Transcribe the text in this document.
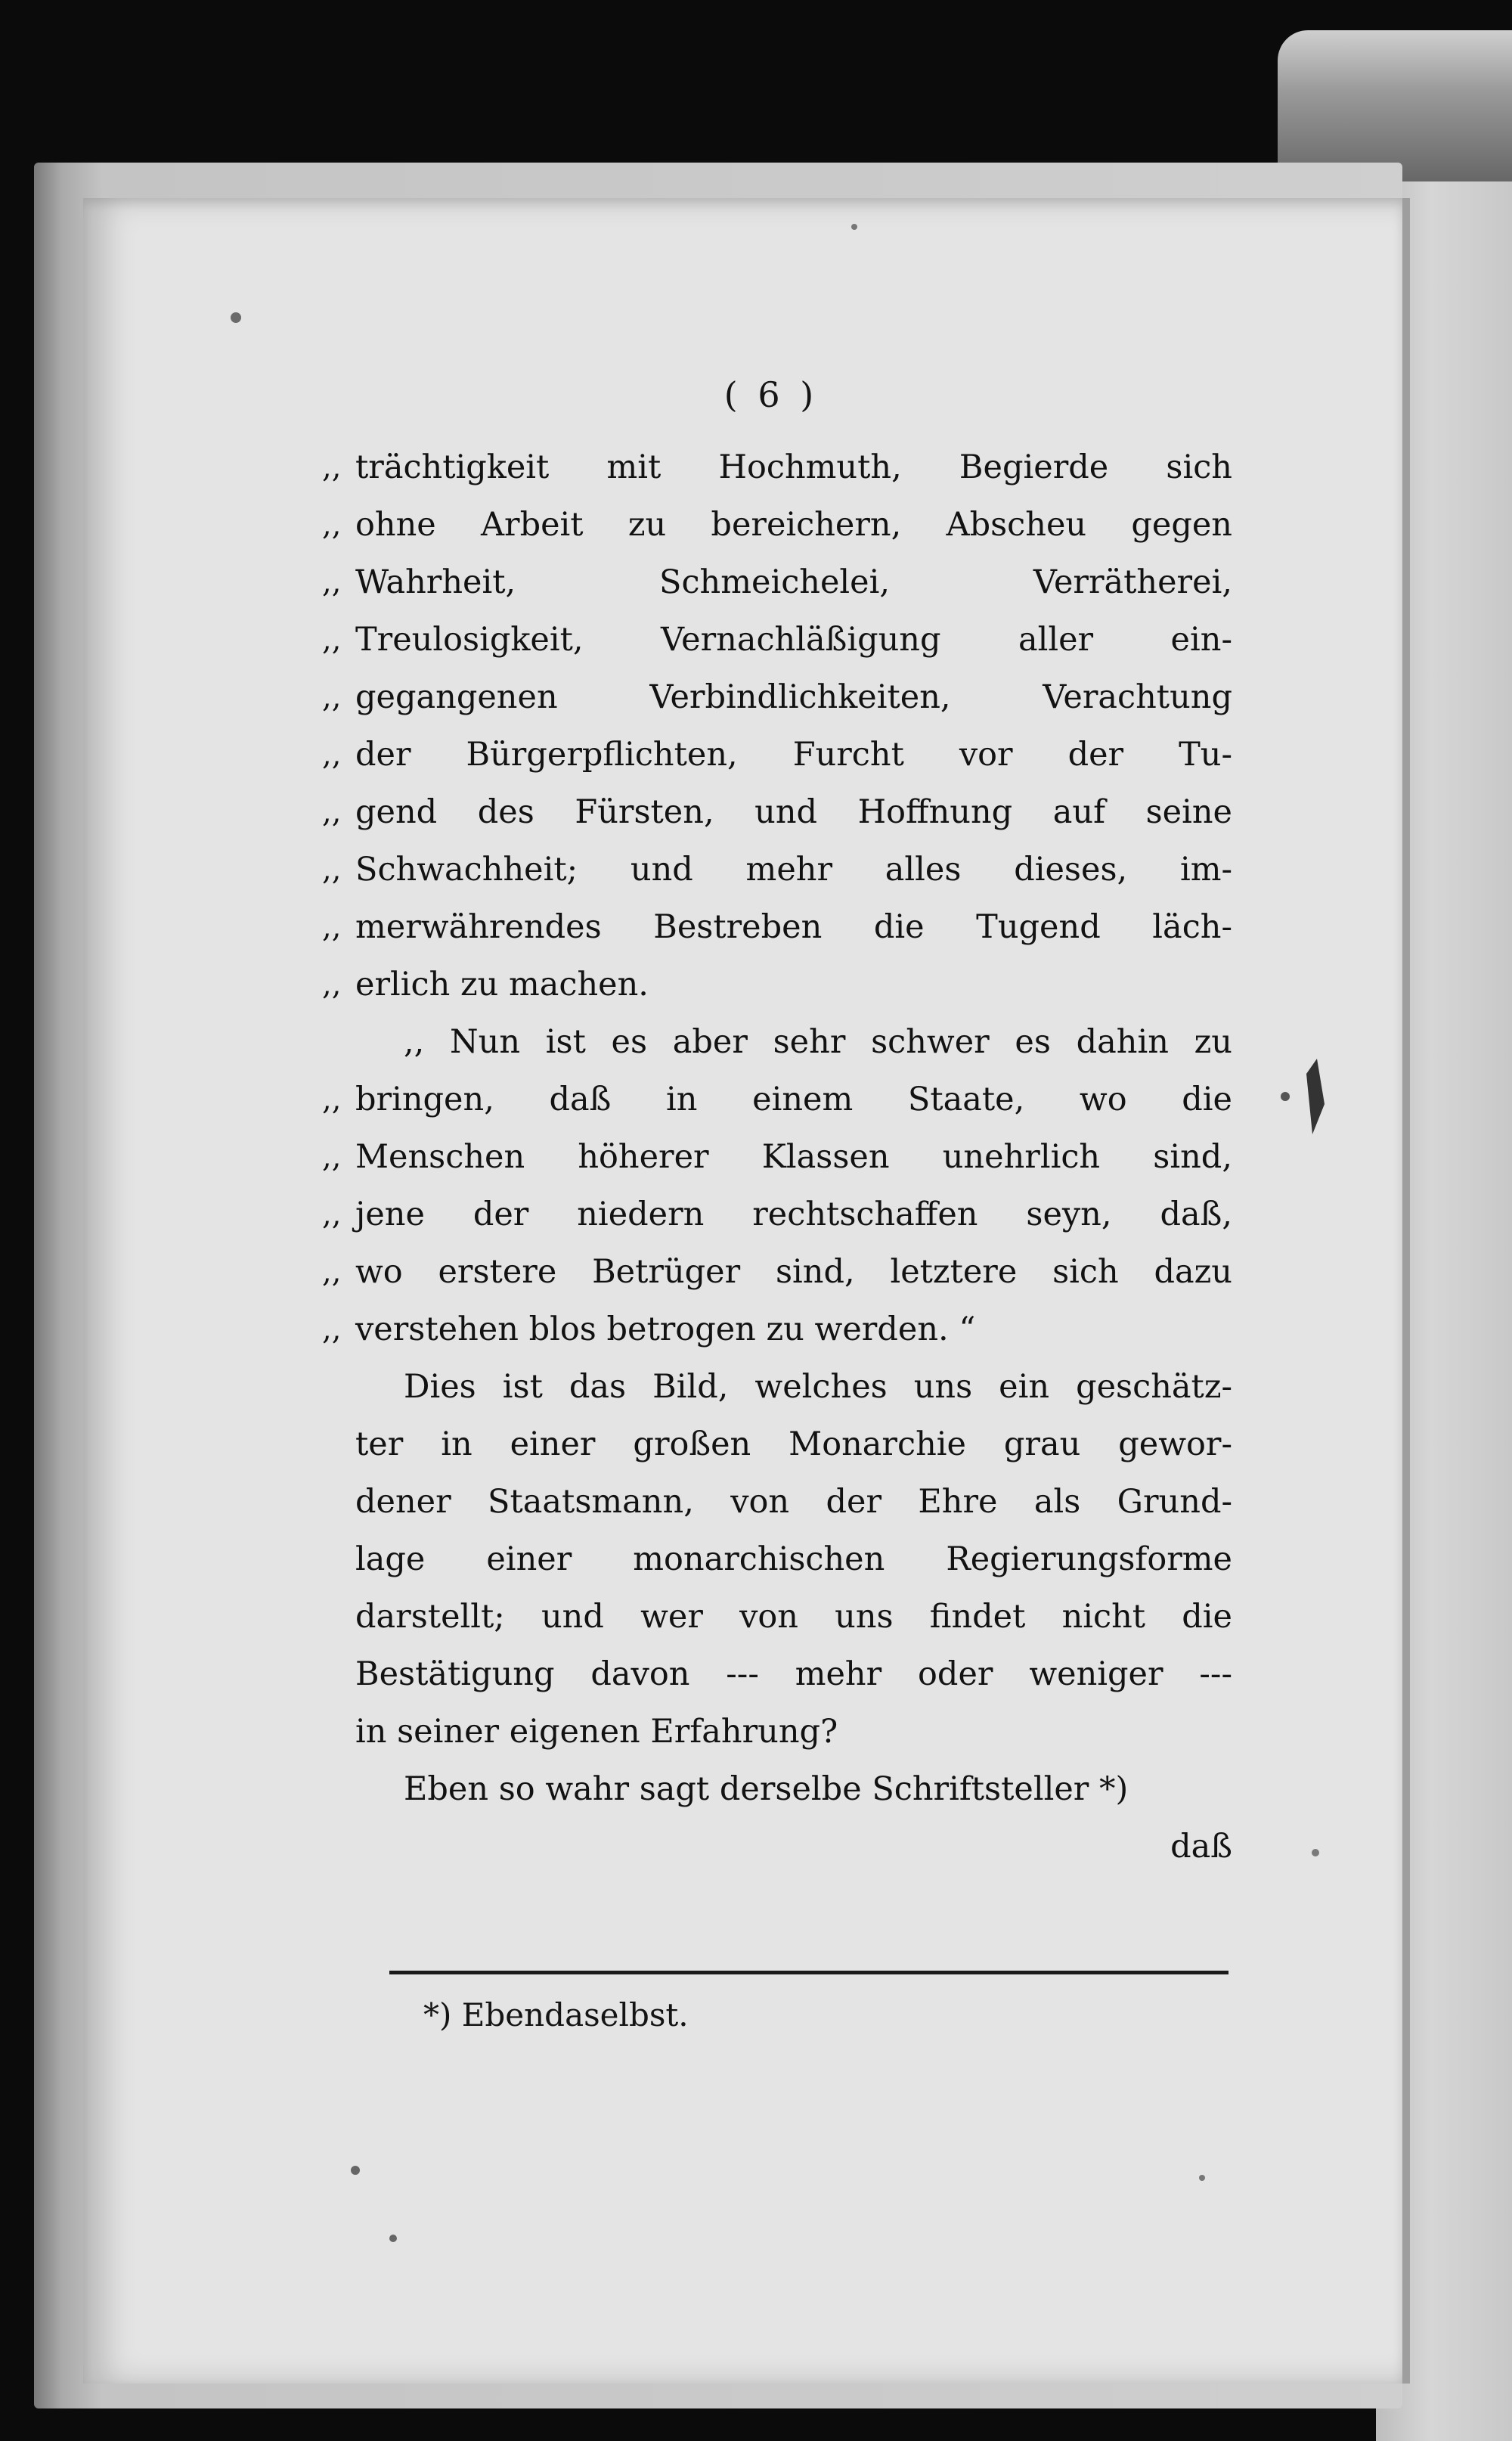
( 6 )
,, trächtigkeit mit Hochmuth, Begierde sich
,, ohne Arbeit zu bereichern, Abscheu gegen
,, Wahrheit, Schmeichelei, Verrätherei,
,, Treulosigkeit, Vernachläßigung aller ein-
,, gegangenen Verbindlichkeiten, Verachtung
,, der Bürgerpflichten, Furcht vor der Tu-
,, gend des Fürsten, und Hoffnung auf seine
,, Schwachheit; und mehr alles dieses, im-
,, merwährendes Bestreben die Tugend läch-
,, erlich zu machen.
,, Nun ist es aber sehr schwer es dahin zu
,, bringen, daß in einem Staate, wo die
,, Menschen höherer Klassen unehrlich sind,
,, jene der niedern rechtschaffen seyn, daß,
,, wo erstere Betrüger sind, letztere sich dazu
,, verstehen blos betrogen zu werden. “
Dies ist das Bild, welches uns ein geschätz-
ter in einer großen Monarchie grau gewor-
dener Staatsmann, von der Ehre als Grund-
lage einer monarchischen Regierungsforme
darstellt; und wer von uns findet nicht die
Bestätigung davon --- mehr oder weniger ---
in seiner eigenen Erfahrung?
Eben so wahr sagt derselbe Schriftsteller *)
daß
*) Ebendaselbst.
